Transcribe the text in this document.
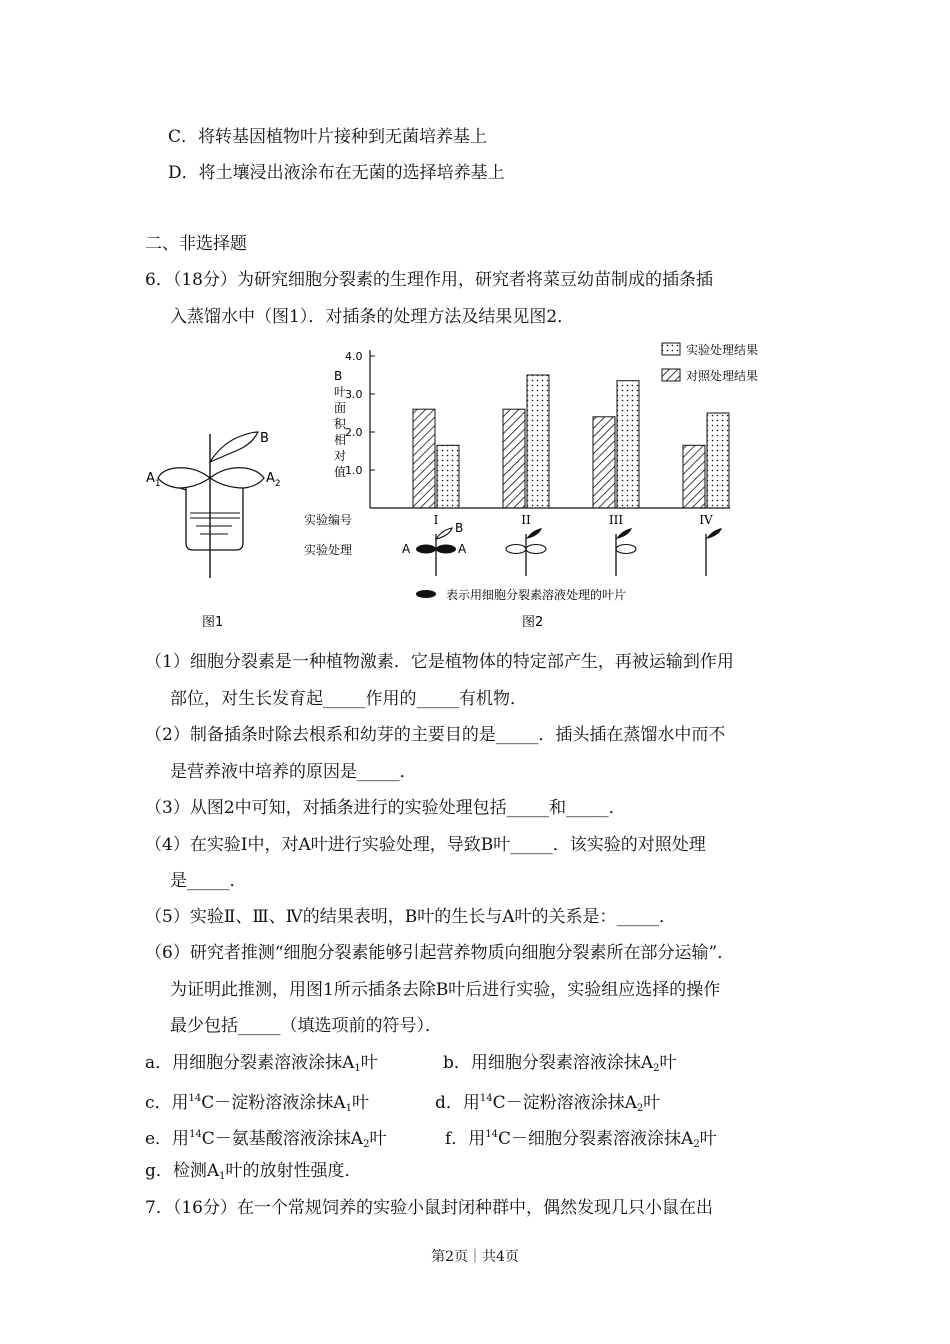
C．将转基因植物叶片接种到无菌培养基上
D．将土壤浸出液涂布在无菌的选择培养基上
二、非选择题
6．（18分）为研究细胞分裂素的生理作用，研究者将菜豆幼苗制成的插条插
入蒸馏水中（图1）．对插条的处理方法及结果见图2．
B
$A_1$	$A_2$
图1
B 叶 面 积 相 对 值
4.0
3.0
2.0
1.0
I	II	III	IV
实验处理结果
对照处理结果
实验编号
实验处理	A	A
B
表示用细胞分裂素溶液处理的叶片
图2
（1）细胞分裂素是一种植物激素．它是植物体的特定部产生，再被运输到作用
部位，对生长发育起_____作用的_____有机物．
（2）制备插条时除去根系和幼芽的主要目的是_____．插头插在蒸馏水中而不
是营养液中培养的原因是_____．
（3）从图2中可知，对插条进行的实验处理包括_____和_____．
（4）在实验Ⅰ中，对A叶进行实验处理，导致B叶_____．该实验的对照处理
是_____．
（5）实验Ⅱ、Ⅲ、Ⅳ的结果表明，B叶的生长与A叶的关系是：_____．
（6）研究者推测“细胞分裂素能够引起营养物质向细胞分裂素所在部分运输”．
为证明此推测，用图1所示插条去除B叶后进行实验，实验组应选择的操作
最少包括_____（填选项前的符号）．
a．用细胞分裂素溶液涂抹$A_1$叶	b．用细胞分裂素溶液涂抹$A_2$叶
c．用$^{14}$C－淀粉溶液涂抹$A_1$叶	d．用$^{14}$C－淀粉溶液涂抹$A_2$叶
e．用$^{14}$C－氨基酸溶液涂抹$A_2$叶	f．用$^{14}$C－细胞分裂素溶液涂抹$A_2$叶
g．检测$A_1$叶的放射性强度．
7．（16分）在一个常规饲养的实验小鼠封闭种群中，偶然发现几只小鼠在出
第2页｜共4页
